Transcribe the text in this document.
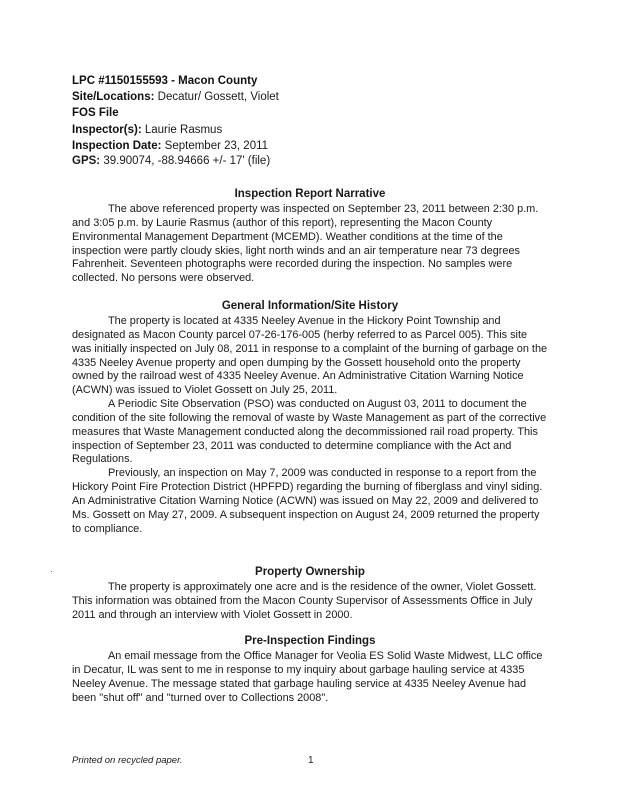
LPC #1150155593 - Macon County
Site/Locations: Decatur/ Gossett, Violet
FOS File
Inspector(s): Laurie Rasmus
Inspection Date: September 23, 2011
GPS: 39.90074, -88.94666 +/- 17' (file)
Inspection Report Narrative

The above referenced property was inspected on September 23, 2011 between 2:30 p.m. and 3:05 p.m. by Laurie Rasmus (author of this report), representing the Macon County Environmental Management Department (MCEMD). Weather conditions at the time of the inspection were partly cloudy skies, light north winds and an air temperature near 73 degrees Fahrenheit. Seventeen photographs were recorded during the inspection. No samples were collected. No persons were observed.

General Information/Site History

The property is located at 4335 Neeley Avenue in the Hickory Point Township and designated as Macon County parcel 07-26-176-005 (herby referred to as Parcel 005). This site was initially inspected on July 08, 2011 in response to a complaint of the burning of garbage on the 4335 Neeley Avenue property and open dumping by the Gossett household onto the property owned by the railroad west of 4335 Neeley Avenue. An Administrative Citation Warning Notice (ACWN) was issued to Violet Gossett on July 25, 2011.

A Periodic Site Observation (PSO) was conducted on August 03, 2011 to document the condition of the site following the removal of waste by Waste Management as part of the corrective measures that Waste Management conducted along the decommissioned rail road property. This inspection of September 23, 2011 was conducted to determine compliance with the Act and Regulations.

Previously, an inspection on May 7, 2009 was conducted in response to a report from the Hickory Point Fire Protection District (HPFPD) regarding the burning of fiberglass and vinyl siding. An Administrative Citation Warning Notice (ACWN) was issued on May 22, 2009 and delivered to Ms. Gossett on May 27, 2009. A subsequent inspection on August 24, 2009 returned the property to compliance.

·	Property Ownership

The property is approximately one acre and is the residence of the owner, Violet Gossett. This information was obtained from the Macon County Supervisor of Assessments Office in July 2011 and through an interview with Violet Gossett in 2000.

Pre-Inspection Findings

An email message from the Office Manager for Veolia ES Solid Waste Midwest, LLC office in Decatur, IL was sent to me in response to my inquiry about garbage hauling service at 4335 Neeley Avenue. The message stated that garbage hauling service at 4335 Neeley Avenue had been "shut off" and "turned over to Collections 2008".

Printed on recycled paper.	1
